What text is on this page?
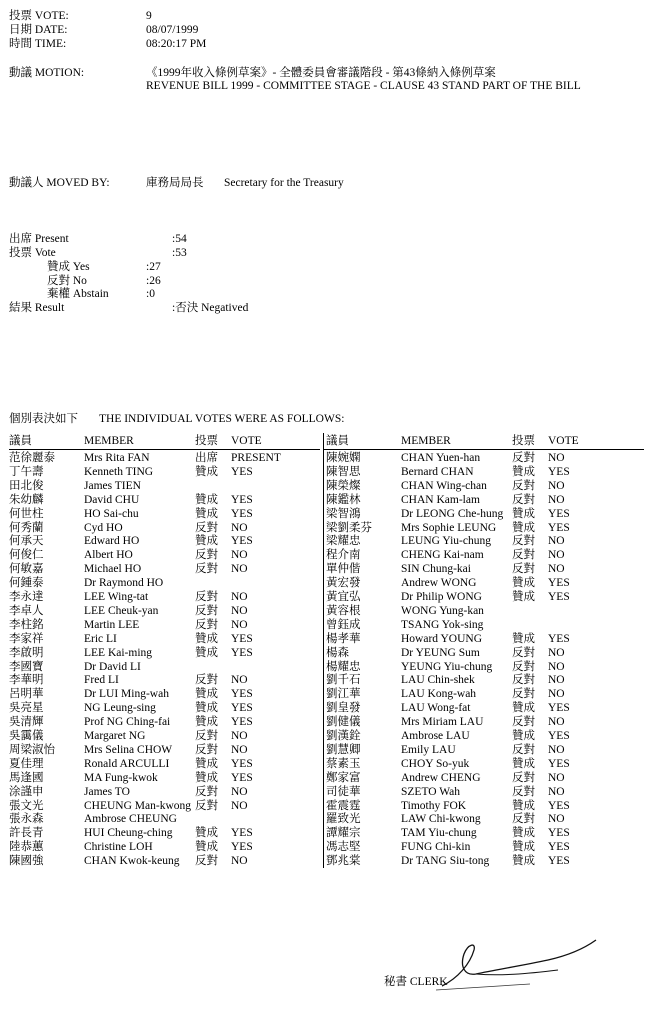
投票 VOTE:	9
日期 DATE:	08/07/1999
時間 TIME:	08:20:17 PM
動議 MOTION:	《1999年收入條例草案》- 全體委員會審議階段 - 第43條納入條例草案
REVENUE BILL 1999 - COMMITTEE STAGE - CLAUSE 43 STAND PART OF THE BILL
動議人 MOVED BY:	庫務局局長 Secretary for the Treasury
出席 Present	:54
投票 Vote	:53
贊成 Yes	:27
反對 No	:26
棄權 Abstain	:0
結果 Result	:否決 Negatived
個別表決如下 THE INDIVIDUAL VOTES WERE AS FOLLOWS:
議員	MEMBER	投票 VOTE
范徐麗泰	Mrs Rita FAN	出席 PRESENT
丁午壽	Kenneth TING	贊成 YES
田北俊	James TIEN
朱幼麟	David CHU	贊成 YES
何世柱	HO Sai-chu	贊成 YES
何秀蘭	Cyd HO	反對 NO
何承天	Edward HO	贊成 YES
何俊仁	Albert HO	反對 NO
何敏嘉	Michael HO	反對 NO
何鍾泰	Dr Raymond HO
李永達	LEE Wing-tat	反對 NO
李卓人	LEE Cheuk-yan	反對 NO
李柱銘	Martin LEE	反對 NO
李家祥	Eric LI	贊成 YES
李啟明	LEE Kai-ming	贊成 YES
李國寶	Dr David LI
李華明	Fred LI	反對 NO
呂明華	Dr LUI Ming-wah 贊成 YES
吳亮星	NG Leung-sing	贊成 YES
吳清輝	Prof NG Ching-fai 贊成 YES
吳靄儀	Margaret NG	反對 NO
周梁淑怡	Mrs Selina CHOW 反對 NO
夏佳理	Ronald ARCULLI 贊成 YES
馬逢國	MA Fung-kwok	贊成 YES
涂謹申	James TO	反對 NO
張文光	CHEUNG Man-kwong 反對 NO
張永森	Ambrose CHEUNG
許長青	HUI Cheung-ching 贊成 YES
陸恭蕙	Christine LOH	贊成 YES
陳國強	CHAN Kwok-keung 反對 NO
議員	MEMBER	投票 VOTE
陳婉嫻	CHAN Yuen-han	反對 NO
陳智思	Bernard CHAN	贊成 YES
陳榮燦	CHAN Wing-chan 反對 NO
陳鑑林	CHAN Kam-lam	反對 NO
梁智鴻	Dr LEONG Che-hung 贊成 YES
梁劉柔芬	Mrs Sophie LEUNG 贊成 YES
梁耀忠	LEUNG Yiu-chung 反對 NO
程介南	CHENG Kai-nam 反對 NO
單仲偕	SIN Chung-kai	反對 NO
黃宏發	Andrew WONG	贊成 YES
黃宜弘	Dr Philip WONG	贊成 YES
黃容根	WONG Yung-kan
曾鈺成	TSANG Yok-sing
楊孝華	Howard YOUNG	贊成 YES
楊森	Dr YEUNG Sum	反對 NO
楊耀忠	YEUNG Yiu-chung 反對 NO
劉千石	LAU Chin-shek	反對 NO
劉江華	LAU Kong-wah	反對 NO
劉皇發	LAU Wong-fat	贊成 YES
劉健儀	Mrs Miriam LAU 反對 NO
劉漢銓	Ambrose LAU	贊成 YES
劉慧卿	Emily LAU	反對 NO
蔡素玉	CHOY So-yuk	贊成 YES
鄭家富	Andrew CHENG	反對 NO
司徒華	SZETO Wah	反對 NO
霍震霆	Timothy FOK	贊成 YES
羅致光	LAW Chi-kwong	反對 NO
譚耀宗	TAM Yiu-chung	贊成 YES
馮志堅	FUNG Chi-kin	贊成 YES
鄧兆棠	Dr TANG Siu-tong 贊成 YES
秘書 CLERK
